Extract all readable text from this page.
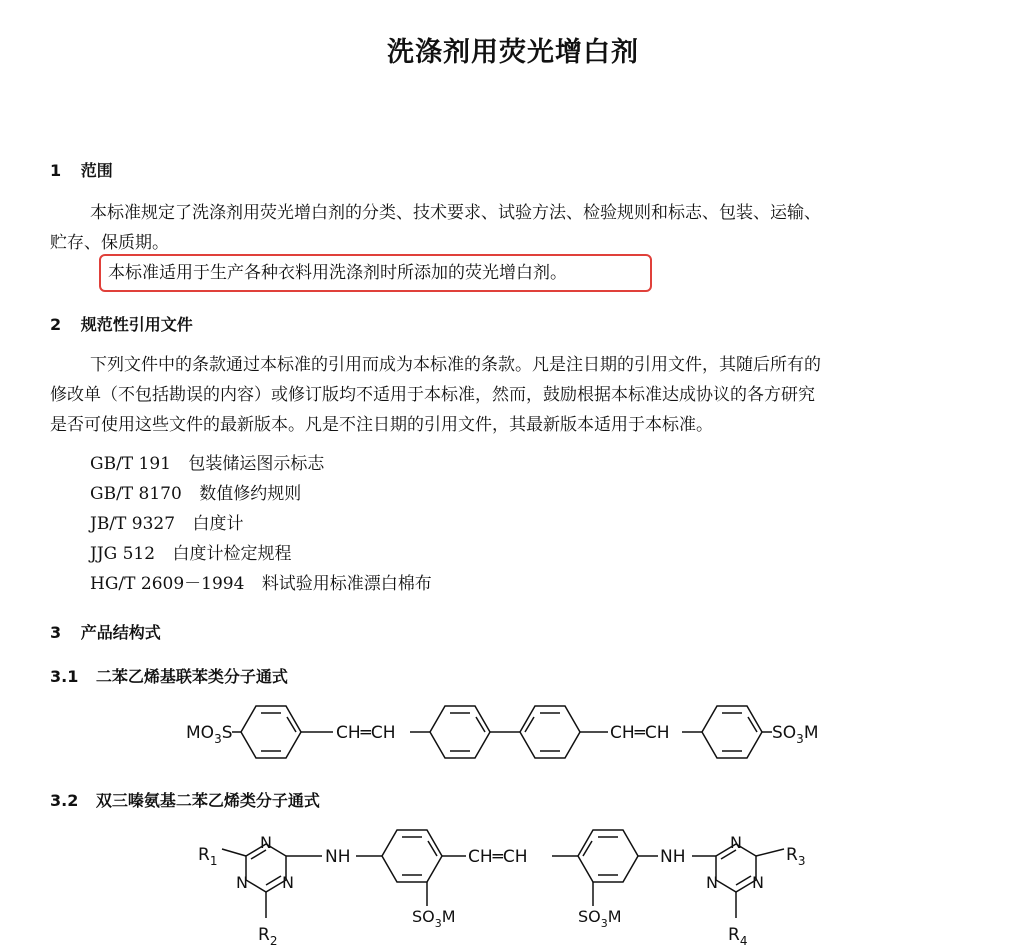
洗涤剂用荧光增白剂
1 范围
本标准规定了洗涤剂用荧光增白剂的分类、技术要求、试验方法、检验规则和标志、包装、运输、
贮存、保质期。
本标准适用于生产各种衣料用洗涤剂时所添加的荧光增白剂。
2 规范性引用文件
下列文件中的条款通过本标准的引用而成为本标准的条款。凡是注日期的引用文件，其随后所有的
修改单（不包括勘误的内容）或修订版均不适用于本标准，然而，鼓励根据本标准达成协议的各方研究
是否可使用这些文件的最新版本。凡是不注日期的引用文件，其最新版本适用于本标准。
GB/T 191 包装储运图示标志
GB/T 8170 数值修约规则
JB/T 9327 白度计
JJG 512 白度计检定规程
HG/T 2609－1994 料试验用标准漂白棉布
3 产品结构式
3.1 二苯乙烯基联苯类分子通式
$MO_3S$	CH═CH	CH═CH	$SO_3M$
3.2 双三嗪氨基二苯乙烯类分子通式
$R_1$
N
N N
$R_2$
NH	CH═CH
$SO_3M$	$SO_3M$
NH
N
N N
$R_3$
$R_4$
